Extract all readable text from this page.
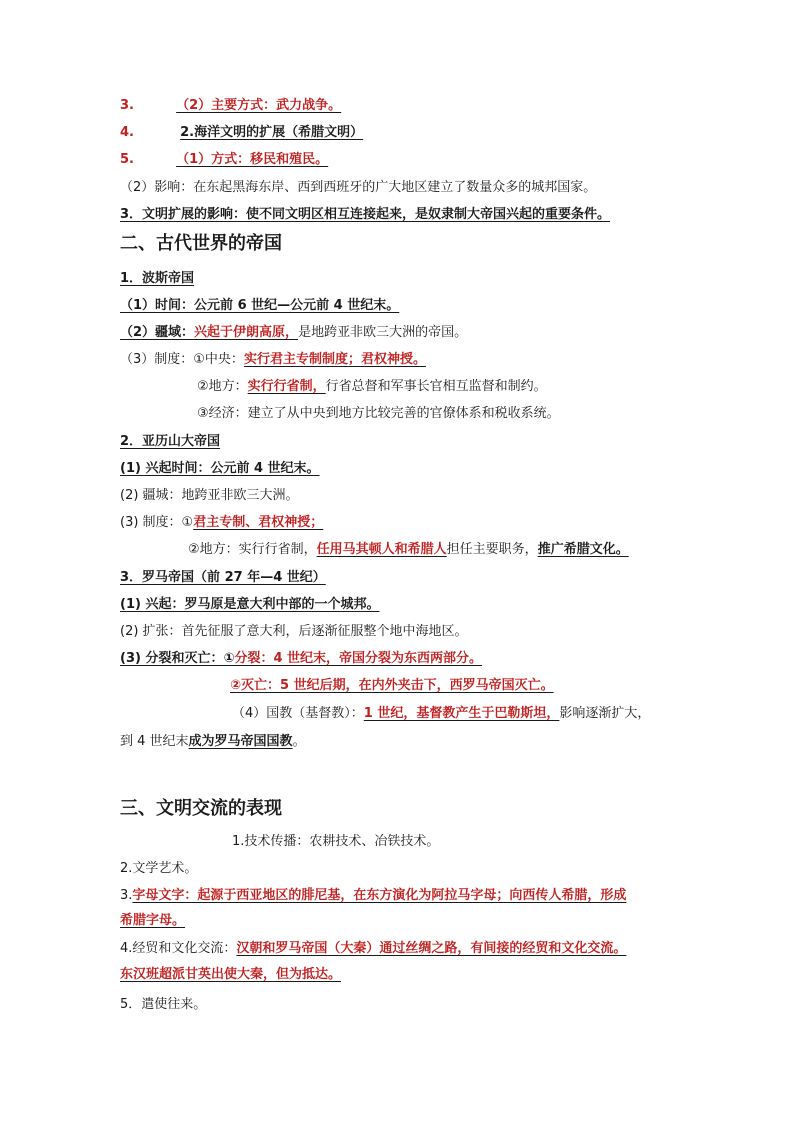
3.	（2）主要方式：武力战争。
4.	2.海洋文明的扩展（希腊文明）
5.	（1）方式：移民和殖民。
（2）影响：在东起黑海东岸、西到西班牙的广大地区建立了数量众多的城邦国家。
3．文明扩展的影响：使不同文明区相互连接起来，是奴隶制大帝国兴起的重要条件。
二、古代世界的帝国
1．波斯帝国
（1）时间：公元前 6 世纪—公元前 4 世纪末。
（2）疆域：兴起于伊朗高原，是地跨亚非欧三大洲的帝国。
（3）制度：①中央：实行君主专制制度；君权神授。
②地方：实行行省制，行省总督和军事长官相互监督和制约。
③经济：建立了从中央到地方比较完善的官僚体系和税收系统。
2．亚历山大帝国
(1) 兴起时间：公元前 4 世纪末。
(2) 疆城：地跨亚非欧三大洲。
(3) 制度：①君主专制、君权神授；
②地方：实行行省制，任用马其顿人和希腊人担任主要职务，推广希腊文化。
3．罗马帝国（前 27 年—4 世纪）
(1) 兴起：罗马原是意大利中部的一个城邦。
(2) 扩张：首先征服了意大利，后逐渐征服整个地中海地区。
(3) 分裂和灭亡：①分裂：4 世纪末，帝国分裂为东西两部分。
②灭亡：5 世纪后期，在内外夹击下，西罗马帝国灭亡。
（4）国教（基督教）：1 世纪，基督教产生于巴勒斯坦，影响逐渐扩大，
到 4 世纪末成为罗马帝国国教。
三、文明交流的表现
1.技术传播：农耕技术、冶铁技术。
2.文学艺术。
3.字母文字：起源于西亚地区的腓尼基，在东方演化为阿拉马字母；向西传人希腊，形成
希腊字母。
4.经贸和文化交流：汉朝和罗马帝国（大秦）通过丝绸之路，有间接的经贸和文化交流。
东汉班超派甘英出使大秦，但为抵达。
5．遣使往来。
